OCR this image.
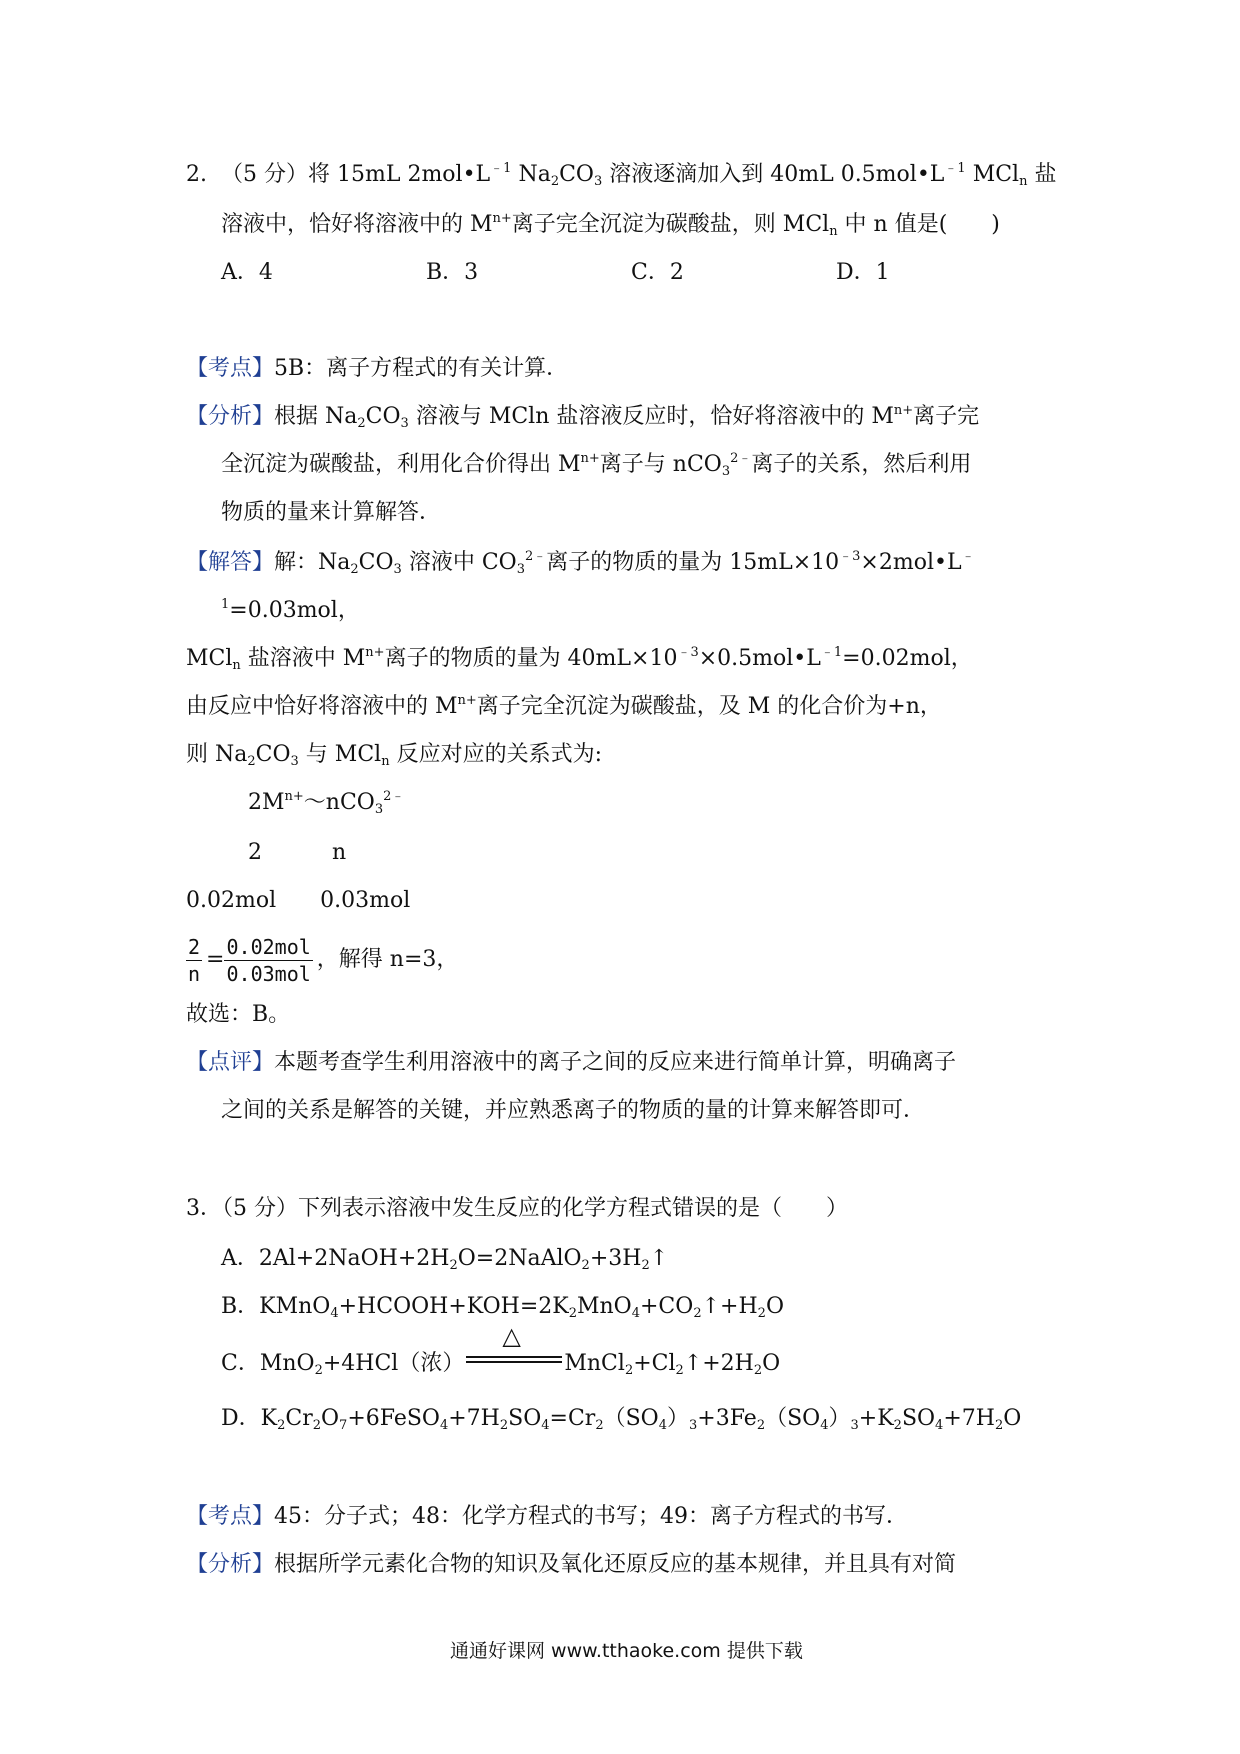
2. （5 分）将 15mL $2mol•L^{﹣1}$ $Na_2CO_3$ 溶液逐滴加入到 40mL $0.5mol•L^{﹣1}$ MCl$_n$ 盐
溶液中，恰好将溶液中的 $M^{n+}$离子完全沉淀为碳酸盐，则 MCl$_n$ 中 n 值是(　　)
A．4	B．3	C．2	D．1
【考点】5B：离子方程式的有关计算．
【分析】根据 $Na_2CO_3$ 溶液与 MCln 盐溶液反应时，恰好将溶液中的 $M^{n+}$离子完
全沉淀为碳酸盐，利用化合价得出 $M^{n+}$离子与 nCO$_3^{2﹣}$离子的关系，然后利用
物质的量来计算解答．
【解答】解：$Na_2CO_3$ 溶液中 $CO_3^{2﹣}$离子的物质的量为 $15mL\times 10^{﹣3}\times 2mol•L^﹣$
$^1$=0.03mol，
MCl$_n$ 盐溶液中 $M^{n+}$离子的物质的量为 $40mL\times 10^{﹣3}\times 0.5mol•L^{﹣1}=0.02mol$，
由反应中恰好将溶液中的 $M^{n+}$离子完全沉淀为碳酸盐，及 M 的化合价为+n，
则 $Na_2CO_3$ 与 MCl$_n$ 反应对应的关系式为:
$2M^{n+}\sim nCO_3^{2﹣}$
2	n
0.02mol 0.03mol
$\frac{2}{n} = \frac{\text{0.02mol}}{\text{0.03mol}}$ ，解得 n=3，
故选：B。
【点评】本题考查学生利用溶液中的离子之间的反应来进行简单计算，明确离子
之间的关系是解答的关键，并应熟悉离子的物质的量的计算来解答即可．
3．（5 分）下列表示溶液中发生反应的化学方程式错误的是（　　）
A．$2Al+2NaOH+2H_2O=2NaAlO_2+3H_2↑$
B．$KMnO_4+HCOOH+KOH=2K_2MnO_4+CO_2↑+H_2O$
C．MnO$_2$+4HCl（浓）
△
$MnCl_2+Cl_2↑+2H_2O$
D．$K_2Cr_2O_7+6FeSO_4+7H_2SO_4=Cr_2(SO_4)_3+3Fe_2(SO_4)_3+K_2SO_4+7H_2O$
【考点】45：分子式；48：化学方程式的书写；49：离子方程式的书写．
【分析】根据所学元素化合物的知识及氧化还原反应的基本规律，并且具有对简
通通好课网 www.tthaoke.com 提供下载
